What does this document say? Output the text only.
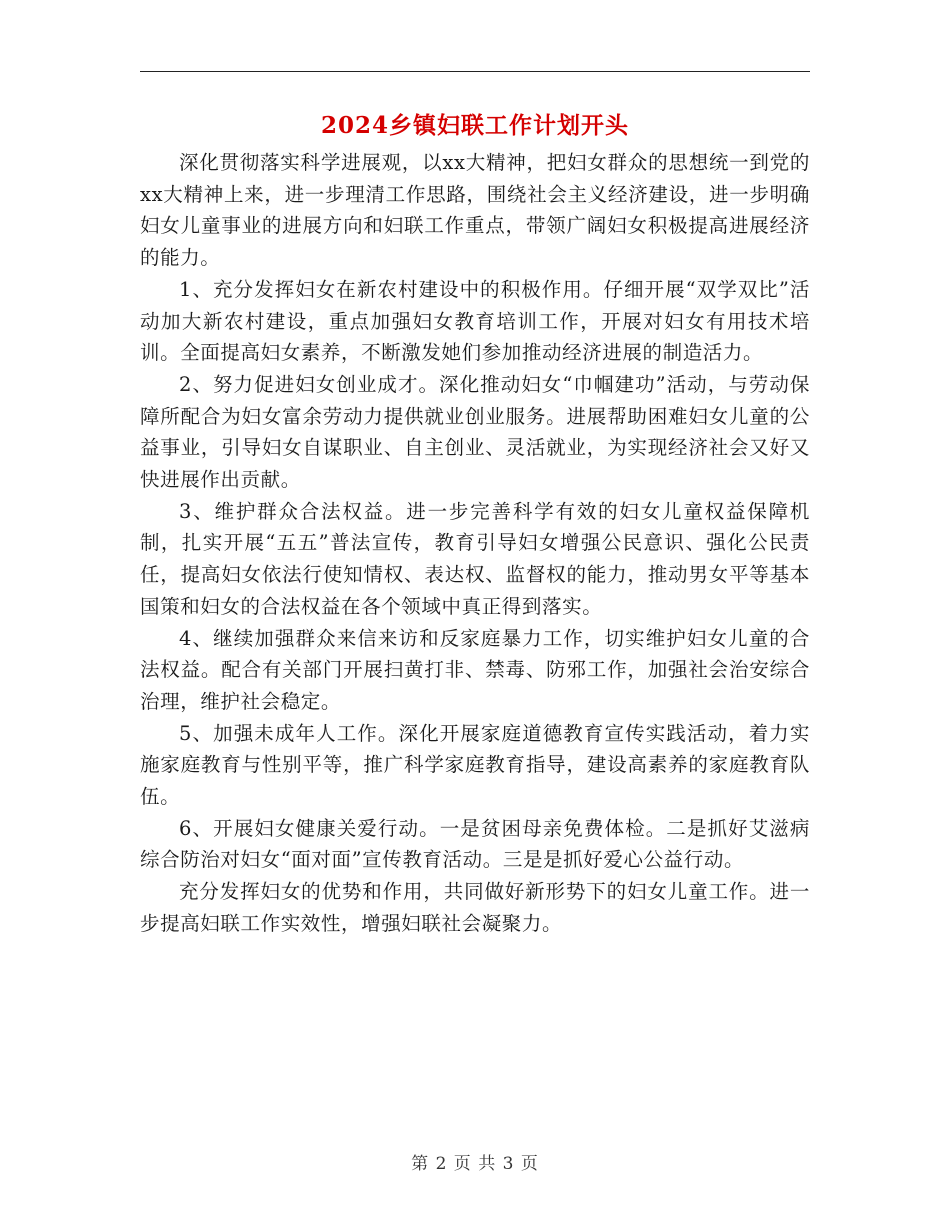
2024乡镇妇联工作计划开头

深化贯彻落实科学进展观，以xx大精神，把妇女群众的思想统一到党的xx大精神上来，进一步理清工作思路，围绕社会主义经济建设，进一步明确妇女儿童事业的进展方向和妇联工作重点，带领广阔妇女积极提高进展经济的能力。

1、充分发挥妇女在新农村建设中的积极作用。仔细开展“双学双比”活动加大新农村建设，重点加强妇女教育培训工作，开展对妇女有用技术培训。全面提高妇女素养，不断激发她们参加推动经济进展的制造活力。

2、努力促进妇女创业成才。深化推动妇女“巾帼建功”活动，与劳动保障所配合为妇女富余劳动力提供就业创业服务。进展帮助困难妇女儿童的公益事业，引导妇女自谋职业、自主创业、灵活就业，为实现经济社会又好又快进展作出贡献。

3、维护群众合法权益。进一步完善科学有效的妇女儿童权益保障机制，扎实开展“五五”普法宣传，教育引导妇女增强公民意识、强化公民责任，提高妇女依法行使知情权、表达权、监督权的能力，推动男女平等基本国策和妇女的合法权益在各个领域中真正得到落实。

4、继续加强群众来信来访和反家庭暴力工作，切实维护妇女儿童的合法权益。配合有关部门开展扫黄打非、禁毒、防邪工作，加强社会治安综合治理，维护社会稳定。

5、加强未成年人工作。深化开展家庭道德教育宣传实践活动，着力实施家庭教育与性别平等，推广科学家庭教育指导，建设高素养的家庭教育队伍。

6、开展妇女健康关爱行动。一是贫困母亲免费体检。二是抓好艾滋病综合防治对妇女“面对面”宣传教育活动。三是是抓好爱心公益行动。

充分发挥妇女的优势和作用，共同做好新形势下的妇女儿童工作。进一步提高妇联工作实效性，增强妇联社会凝聚力。

第 2 页 共 3 页
